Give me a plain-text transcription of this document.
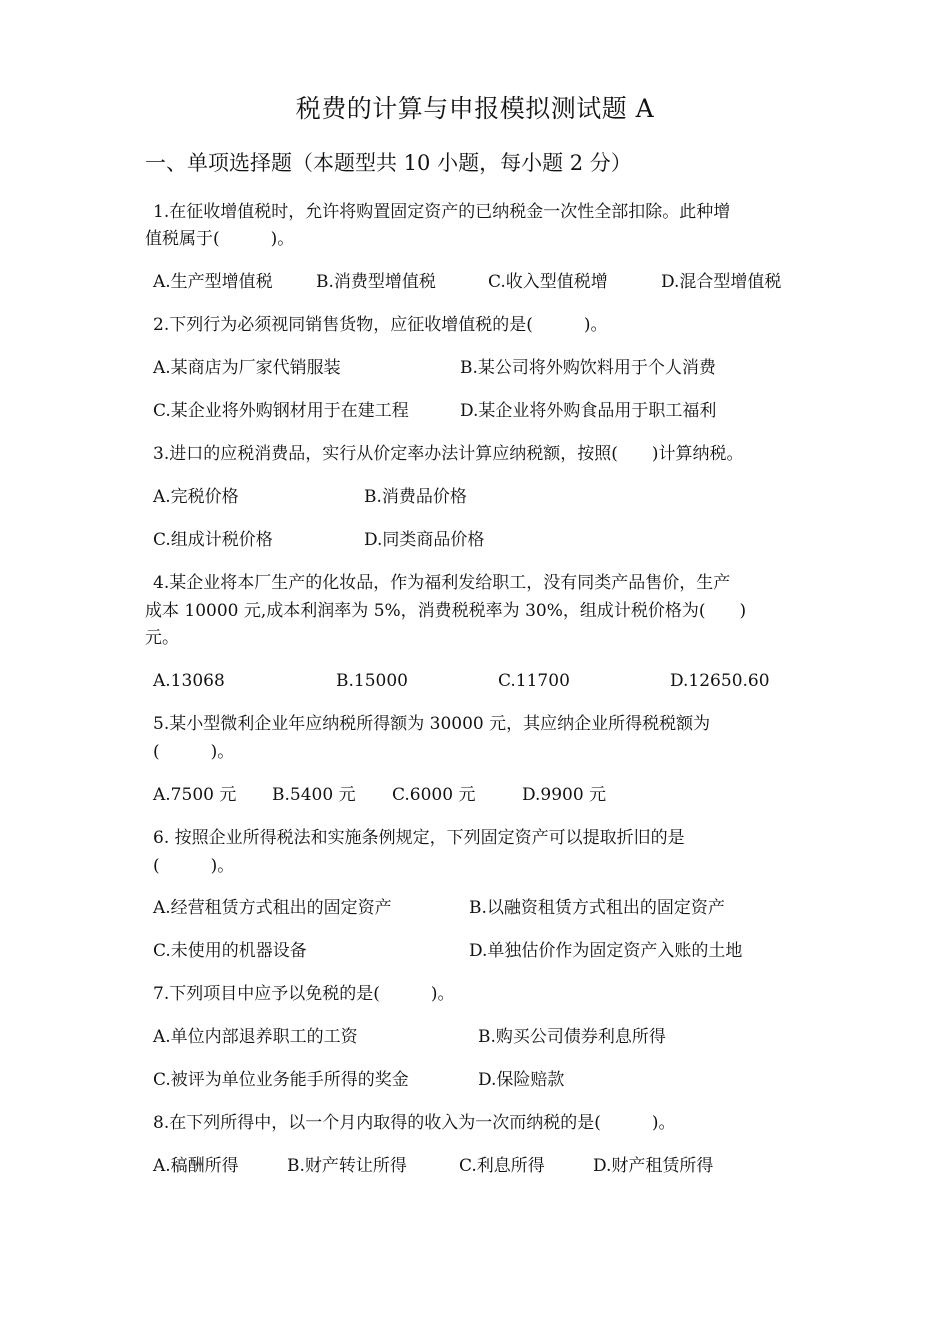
税费的计算与申报模拟测试题 A
一、单项选择题（本题型共 10 小题，每小题 2 分）
1.在征收增值税时，允许将购置固定资产的已纳税金一次性全部扣除。此种增
值税属于(　　　)。
A.生产型增值税	B.消费型增值税	C.收入型值税增	D.混合型增值税
2.下列行为必须视同销售货物，应征收增值税的是(　　　)。
A.某商店为厂家代销服装	B.某公司将外购饮料用于个人消费
C.某企业将外购钢材用于在建工程	D.某企业将外购食品用于职工福利
3.进口的应税消费品，实行从价定率办法计算应纳税额，按照(　　)计算纳税。
A.完税价格	B.消费品价格
C.组成计税价格	D.同类商品价格
4.某企业将本厂生产的化妆品，作为福利发给职工，没有同类产品售价，生产
成本 10000 元,成本利润率为 5%，消费税税率为 30%，组成计税价格为(　　)
元。
A.13068	B.15000	C.11700	D.12650.60
5.某小型微利企业年应纳税所得额为 30000 元，其应纳企业所得税税额为
(　　　)。
A.7500 元 B.5400 元 C.6000 元	D.9900 元
6. 按照企业所得税法和实施条例规定，下列固定资产可以提取折旧的是
(　　　)。
A.经营租赁方式租出的固定资产	B.以融资租赁方式租出的固定资产
C.未使用的机器设备	D.单独估价作为固定资产入账的土地
7.下列项目中应予以免税的是(　　　)。
A.单位内部退养职工的工资	B.购买公司债券利息所得
C.被评为单位业务能手所得的奖金	D.保险赔款
8.在下列所得中，以一个月内取得的收入为一次而纳税的是(　　　)。
A.稿酬所得	B.财产转让所得	C.利息所得	D.财产租赁所得
